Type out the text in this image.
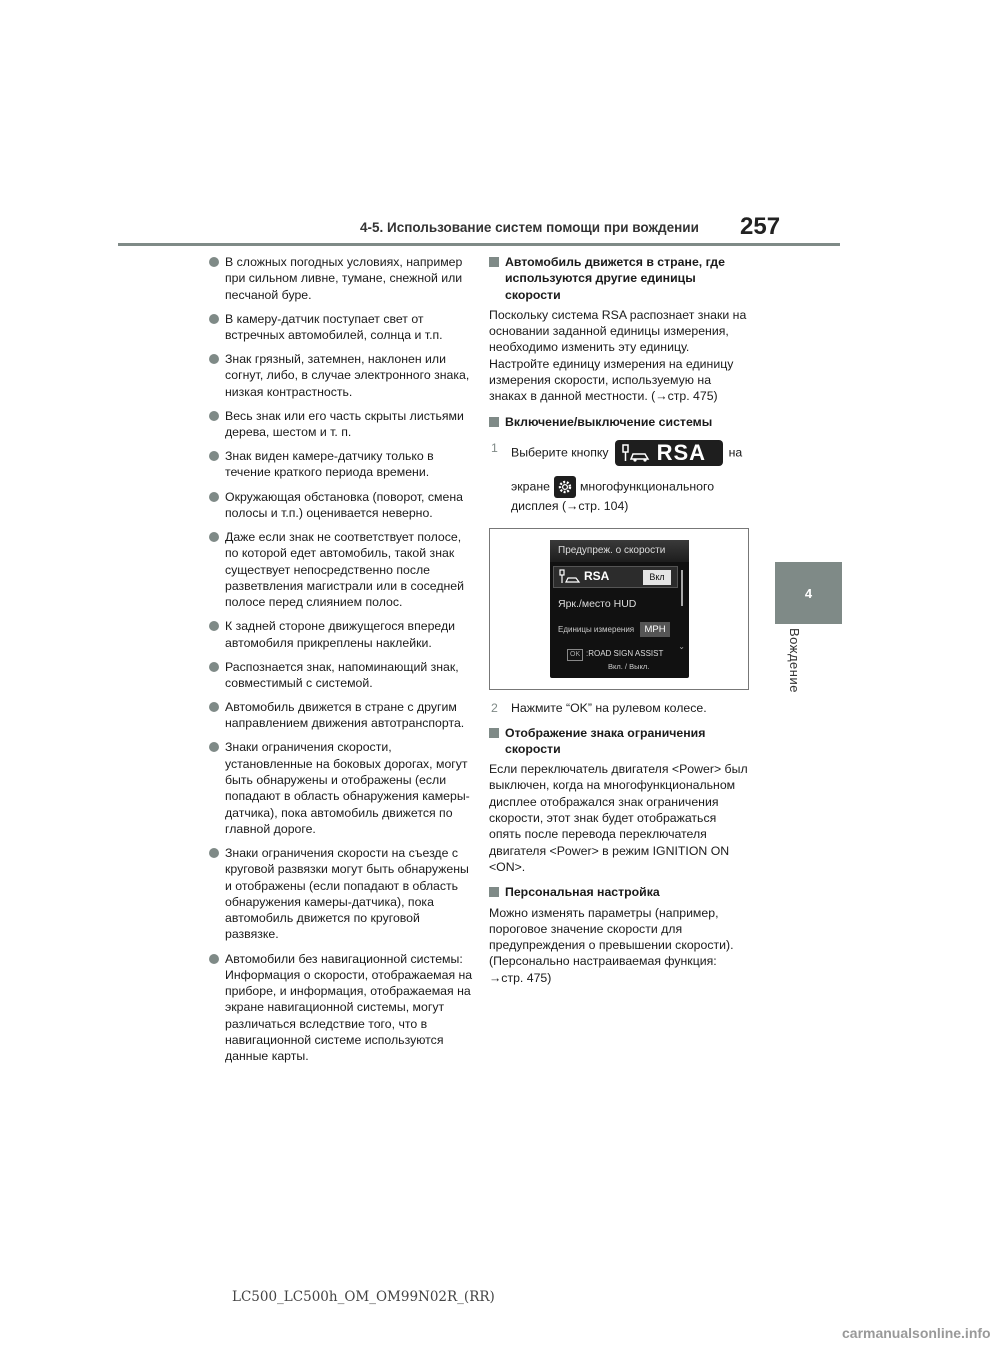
4-5. Использование систем помощи при вождении 257
4
Вождение
В сложных погодных условиях, например при сильном ливне, тумане, снежной или песчаной буре.
В камеру-датчик поступает свет от встречных автомобилей, солнца и т.п.
Знак грязный, затемнен, наклонен или согнут, либо, в случае электронного знака, низкая контрастность.
Весь знак или его часть скрыты листьями дерева, шестом и т. п.
Знак виден камере-датчику только в течение краткого периода времени.
Окружающая обстановка (поворот, смена полосы и т.п.) оценивается неверно.
Даже если знак не соответствует полосе, по которой едет автомобиль, такой знак существует непосредственно после разветвления магистрали или в соседней полосе перед слиянием полос.
К задней стороне движущегося впереди автомобиля прикреплены наклейки.
Распознается знак, напоминающий знак, совместимый с системой.
Автомобиль движется в стране с другим направлением движения автотранспорта.
Знаки ограничения скорости, установленные на боковых дорогах, могут быть обнаружены и отображены (если попадают в область обнаружения камеры-датчика), пока автомобиль движется по главной дороге.
Знаки ограничения скорости на съезде с круговой развязки могут быть обнаружены и отображены (если попадают в область обнаружения камеры-датчика), пока автомобиль движется по круговой развязке.
Автомобили без навигационной системы: Информация о скорости, отображаемая на приборе, и информация, отображаемая на экране навигационной системы, могут различаться вследствие того, что в навигационной системе используются данные карты.
Автомобиль движется в стране, где используются другие единицы скорости
Поскольку система RSA распознает знаки на основании заданной единицы измерения, необходимо изменить эту единицу. Настройте единицу измерения на единицу измерения скорости, используемую на знаках в данной местности. (→стр. 475)
Включение/выключение системы
1 Выберите кнопку RSA на
экране многофункционального дисплея (→стр. 104)
Предупреж. о скорости
RSA	Вкл
Ярк./место HUD
Единицы измерения	MPH
OK :ROAD SIGN ASSIST
Вкл. / Выкл.
⌄
2 Нажмите “OK” на рулевом колесе.
Отображение знака ограничения скорости
Если переключатель двигателя <Power> был выключен, когда на многофункциональном дисплее отображался знак ограничения скорости, этот знак будет отображаться опять после перевода переключателя двигателя <Power> в режим IGNITION ON <ON>.
Персональная настройка
Можно изменять параметры (например, пороговое значение скорости для предупреждения о превышении скорости). (Персонально настраиваемая функция: →стр. 475)
LC500_LC500h_OM_OM99N02R_(RR)
carmanualsonline.info
